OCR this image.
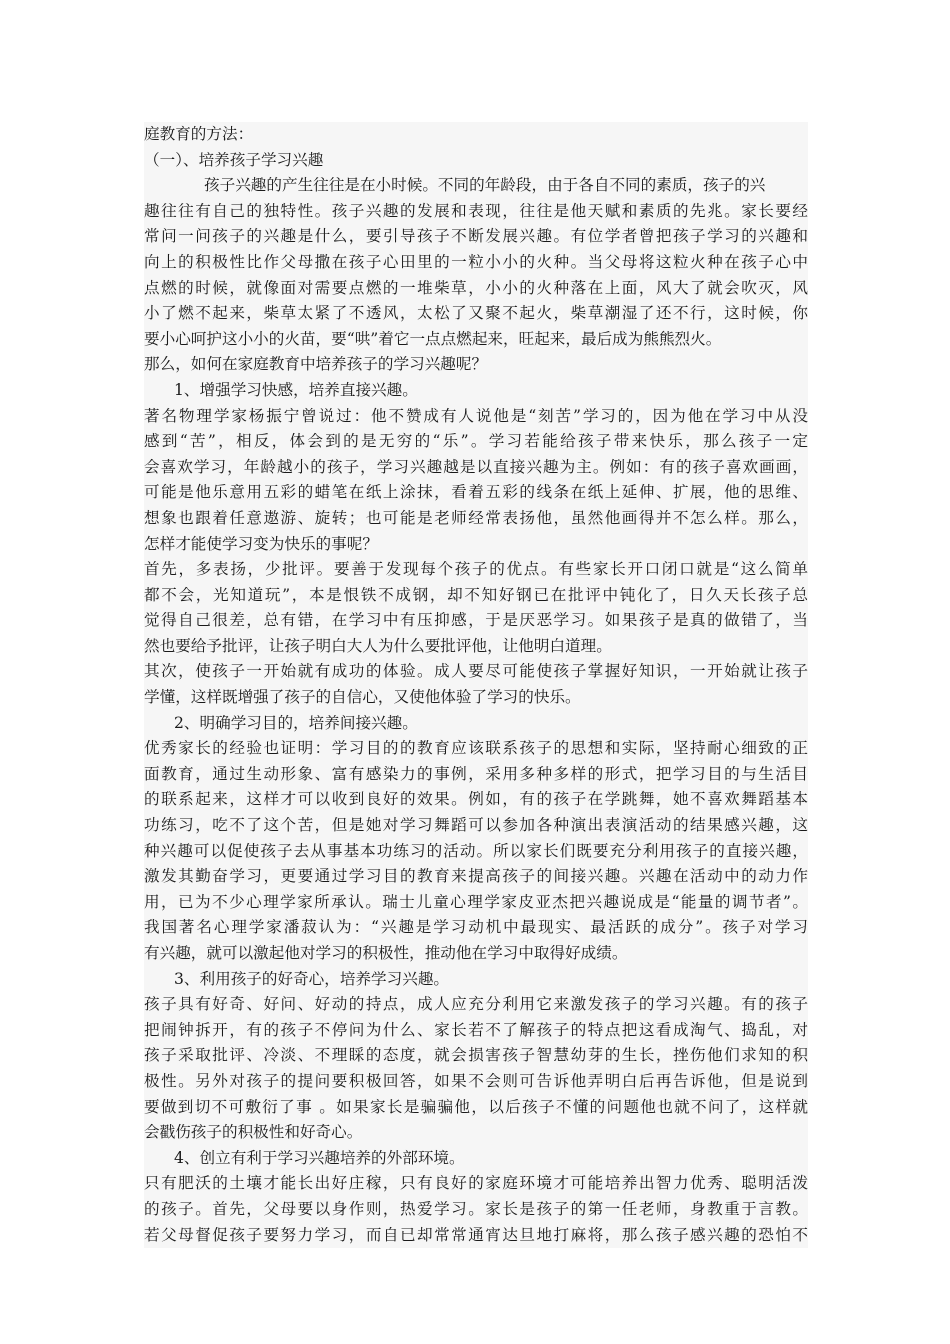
庭教育的方法：
（一）、培养孩子学习兴趣
孩子兴趣的产生往往是在小时候。不同的年龄段，由于各自不同的素质，孩子的兴
趣往往有自己的独特性。孩子兴趣的发展和表现，往往是他天赋和素质的先兆。家长要经
常问一问孩子的兴趣是什么，要引导孩子不断发展兴趣。有位学者曾把孩子学习的兴趣和
向上的积极性比作父母撒在孩子心田里的一粒小小的火种。当父母将这粒火种在孩子心中
点燃的时候，就像面对需要点燃的一堆柴草，小小的火种落在上面，风大了就会吹灭，风
小了燃不起来，柴草太紧了不透风，太松了又聚不起火，柴草潮湿了还不行，这时候，你
要小心呵护这小小的火苗，要“哄”着它一点点燃起来，旺起来，最后成为熊熊烈火。
那么，如何在家庭教育中培养孩子的学习兴趣呢？
1、增强学习快感，培养直接兴趣。
著名物理学家杨振宁曾说过：他不赞成有人说他是“刻苦”学习的，因为他在学习中从没
感到“苦”，相反，体会到的是无穷的“乐”。学习若能给孩子带来快乐，那么孩子一定
会喜欢学习，年龄越小的孩子，学习兴趣越是以直接兴趣为主。例如：有的孩子喜欢画画，
可能是他乐意用五彩的蜡笔在纸上涂抹，看着五彩的线条在纸上延伸、扩展，他的思维、
想象也跟着任意遨游、旋转；也可能是老师经常表扬他，虽然他画得并不怎么样。那么，
怎样才能使学习变为快乐的事呢？
首先，多表扬，少批评。要善于发现每个孩子的优点。有些家长开口闭口就是“这么简单
都不会，光知道玩”，本是恨铁不成钢，却不知好钢已在批评中钝化了，日久天长孩子总
觉得自己很差，总有错，在学习中有压抑感，于是厌恶学习。如果孩子是真的做错了，当
然也要给予批评，让孩子明白大人为什么要批评他，让他明白道理。
其次，使孩子一开始就有成功的体验。成人要尽可能使孩子掌握好知识，一开始就让孩子
学懂，这样既增强了孩子的自信心，又使他体验了学习的快乐。
2、明确学习目的，培养间接兴趣。
优秀家长的经验也证明：学习目的的教育应该联系孩子的思想和实际，坚持耐心细致的正
面教育，通过生动形象、富有感染力的事例，采用多种多样的形式，把学习目的与生活目
的联系起来，这样才可以收到良好的效果。例如，有的孩子在学跳舞，她不喜欢舞蹈基本
功练习，吃不了这个苦，但是她对学习舞蹈可以参加各种演出表演活动的结果感兴趣，这
种兴趣可以促使孩子去从事基本功练习的活动。所以家长们既要充分利用孩子的直接兴趣，
激发其勤奋学习，更要通过学习目的教育来提高孩子的间接兴趣。兴趣在活动中的动力作
用，已为不少心理学家所承认。瑞士儿童心理学家皮亚杰把兴趣说成是“能量的调节者”。
我国著名心理学家潘菽认为：“兴趣是学习动机中最现实、最活跃的成分”。孩子对学习
有兴趣，就可以激起他对学习的积极性，推动他在学习中取得好成绩。
3、利用孩子的好奇心，培养学习兴趣。
孩子具有好奇、好问、好动的持点，成人应充分利用它来激发孩子的学习兴趣。有的孩子
把闹钟拆开，有的孩子不停问为什么、家长若不了解孩子的特点把这看成淘气、捣乱，对
孩子采取批评、冷淡、不理睬的态度，就会损害孩子智慧幼芽的生长，挫伤他们求知的积
极性。另外对孩子的提问要积极回答，如果不会则可告诉他弄明白后再告诉他，但是说到
要做到切不可敷衍了事 。如果家长是骗骗他，以后孩子不懂的问题他也就不问了，这样就
会戳伤孩子的积极性和好奇心。
4、创立有利于学习兴趣培养的外部环境。
只有肥沃的土壤才能长出好庄稼，只有良好的家庭环境才可能培养出智力优秀、聪明活泼
的孩子。首先，父母要以身作则，热爱学习。家长是孩子的第一任老师，身教重于言教。
若父母督促孩子要努力学习，而自已却常常通宵达旦地打麻将，那么孩子感兴趣的恐怕不
